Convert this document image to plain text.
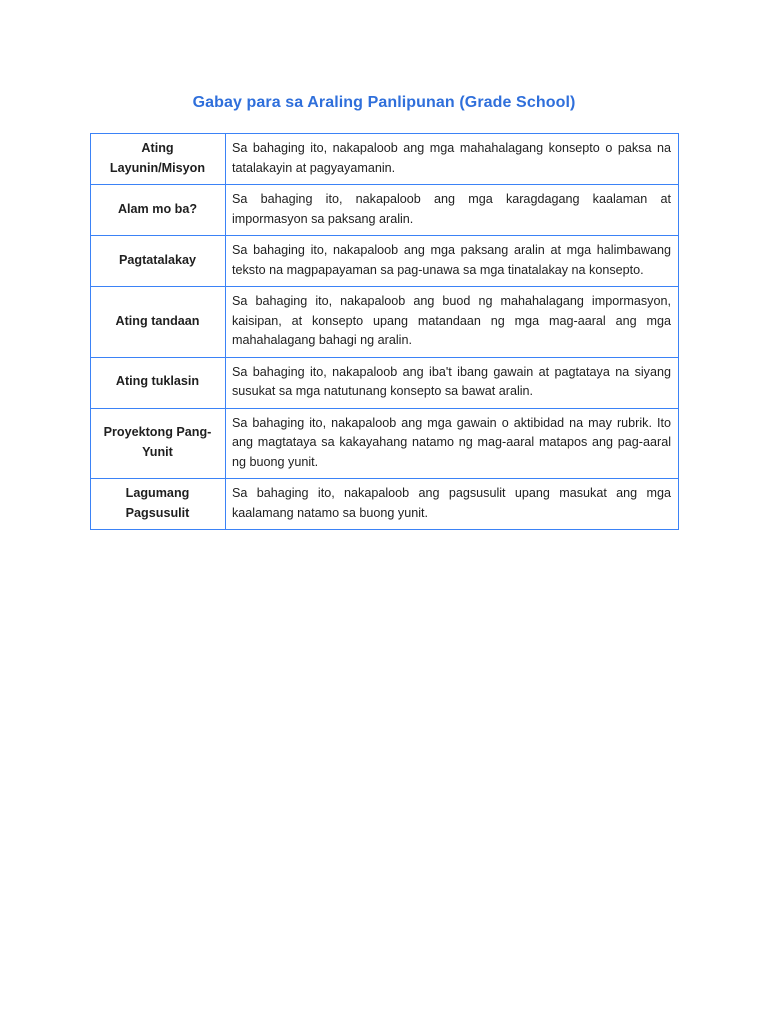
Gabay para sa Araling Panlipunan (Grade School)
Ating Layunin/Misyon	Sa bahaging ito, nakapaloob ang mga mahahalagang konsepto o paksa na tatalakayin at pagyayamanin.
Alam mo ba?	Sa bahaging ito, nakapaloob ang mga karagdagang kaalaman at impormasyon sa paksang aralin.
Pagtatalakay	Sa bahaging ito, nakapaloob ang mga paksang aralin at mga halimbawang teksto na magpapayaman sa pag-unawa sa mga tinatalakay na konsepto.
Ating tandaan	Sa bahaging ito, nakapaloob ang buod ng mahahalagang impormasyon, kaisipan, at konsepto upang matandaan ng mga mag-aaral ang mga mahahalagang bahagi ng aralin.
Ating tuklasin	Sa bahaging ito, nakapaloob ang iba't ibang gawain at pagtataya na siyang susukat sa mga natutunang konsepto sa bawat aralin.
Proyektong Pang-Yunit	Sa bahaging ito, nakapaloob ang mga gawain o aktibidad na may rubrik. Ito ang magtataya sa kakayahang natamo ng mag-aaral matapos ang pag-aaral ng buong yunit.
Lagumang Pagsusulit	Sa bahaging ito, nakapaloob ang pagsusulit upang masukat ang mga kaalamang natamo sa buong yunit.
